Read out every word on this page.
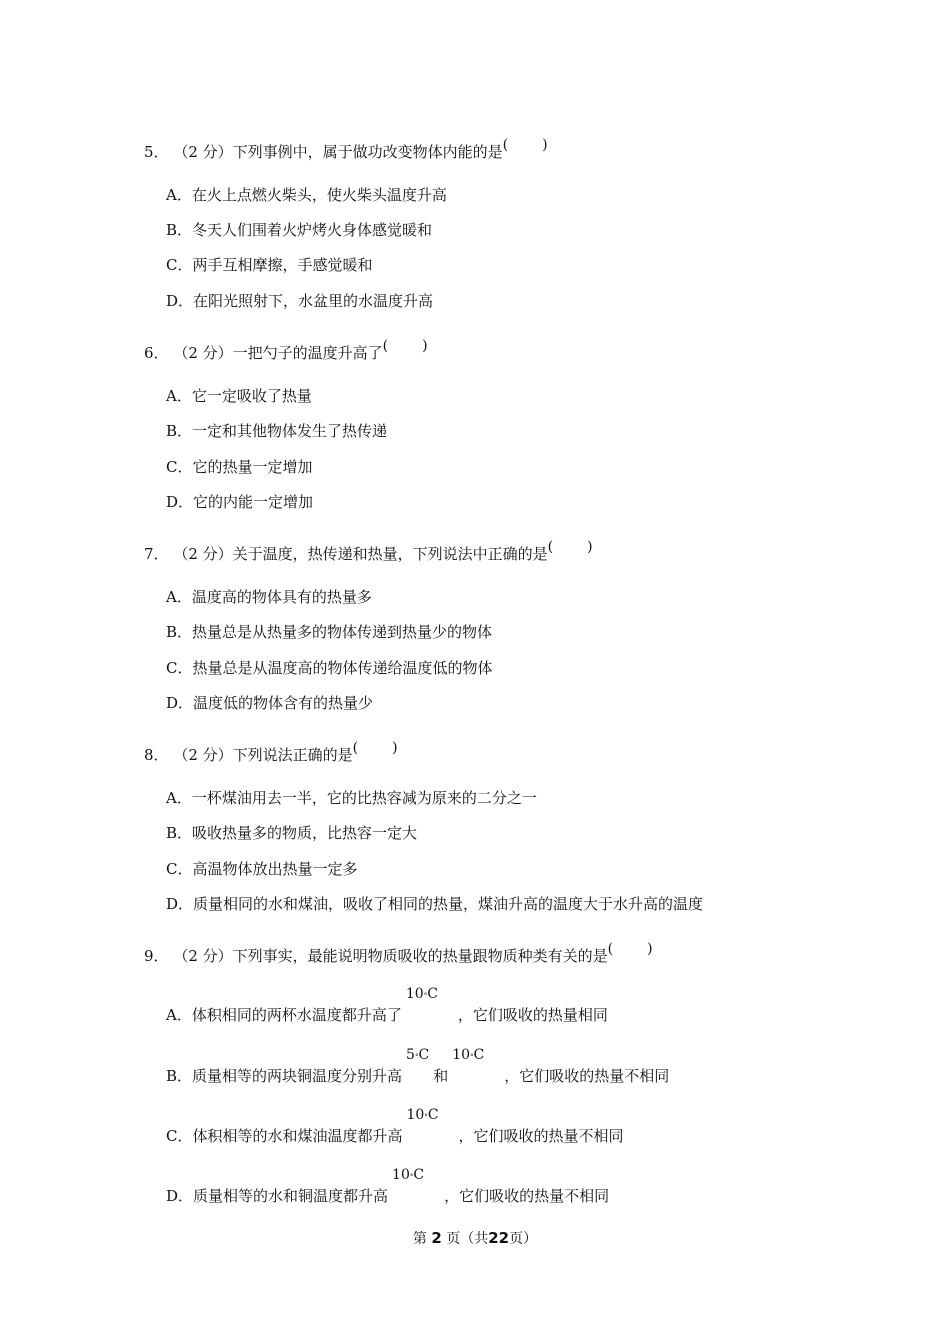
5． （2 分）下列事例中，属于做功改变物体内能的是( )
A．在火上点燃火柴头，使火柴头温度升高
B．冬天人们围着火炉烤火身体感觉暖和
C．两手互相摩擦，手感觉暖和
D．在阳光照射下，水盆里的水温度升高
6． （2 分）一把勺子的温度升高了( )
A．它一定吸收了热量
B．一定和其他物体发生了热传递
C．它的热量一定增加
D．它的内能一定增加
7． （2 分）关于温度，热传递和热量，下列说法中正确的是( )
A．温度高的物体具有的热量多
B．热量总是从热量多的物体传递到热量少的物体
C．热量总是从温度高的物体传递给温度低的物体
D．温度低的物体含有的热量少
8． （2 分）下列说法正确的是( )
A．一杯煤油用去一半，它的比热容减为原来的二分之一
B．吸收热量多的物质，比热容一定大
C．高温物体放出热量一定多
D．质量相同的水和煤油，吸收了相同的热量，煤油升高的温度大于水升高的温度
9． （2 分）下列事实，最能说明物质吸收的热量跟物质种类有关的是( )
A．体积相同的两杯水温度都升高了10°C，它们吸收的热量相同
B．质量相等的两块铜温度分别升高5°C和10°C，它们吸收的热量不相同
C．体积相等的水和煤油温度都升高10°C，它们吸收的热量不相同
D．质量相等的水和铜温度都升高10°C，它们吸收的热量不相同
第 2 页（共22页）
